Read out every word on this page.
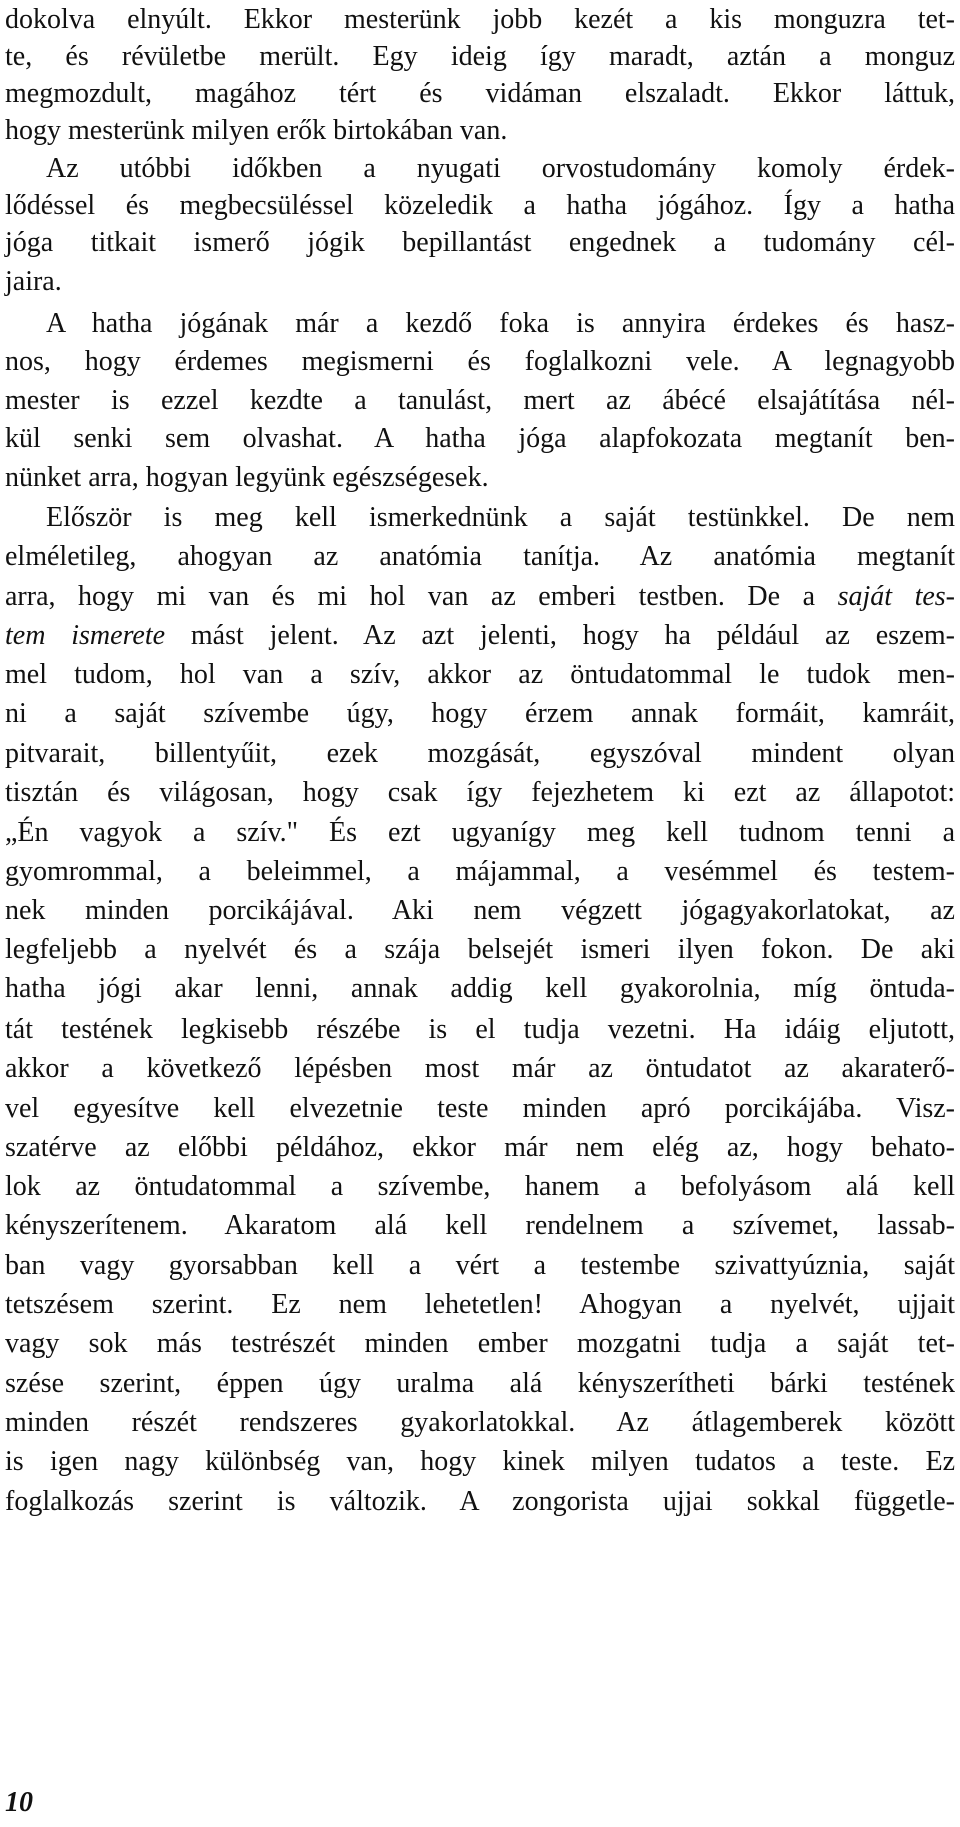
dokolva elnyúlt. Ekkor mesterünk jobb kezét a kis monguzra tet-
te, és révületbe merült. Egy ideig így maradt, aztán a monguz
megmozdult, magához tért és vidáman elszaladt. Ekkor láttuk,
hogy mesterünk milyen erők birtokában van.
Az utóbbi időkben a nyugati orvostudomány komoly érdek-
lődéssel és megbecsüléssel közeledik a hatha jógához. Így a hatha
jóga titkait ismerő jógik bepillantást engednek a tudomány cél-
jaira.
A hatha jógának már a kezdő foka is annyira érdekes és hasz-
nos, hogy érdemes megismerni és foglalkozni vele. A legnagyobb
mester is ezzel kezdte a tanulást, mert az ábécé elsajátítása nél-
kül senki sem olvashat. A hatha jóga alapfokozata megtanít ben-
nünket arra, hogyan legyünk egészségesek.
Először is meg kell ismerkednünk a saját testünkkel. De nem
elméletileg, ahogyan az anatómia tanítja. Az anatómia megtanít
arra, hogy mi van és mi hol van az emberi testben. De a saját tes-
tem ismerete mást jelent. Az azt jelenti, hogy ha például az eszem-
mel tudom, hol van a szív, akkor az öntudatommal le tudok men-
ni a saját szívembe úgy, hogy érzem annak formáit, kamráit,
pitvarait, billentyűit, ezek mozgását, egyszóval mindent olyan
tisztán és világosan, hogy csak így fejezhetem ki ezt az állapotot:
„Én vagyok a szív." És ezt ugyanígy meg kell tudnom tenni a
gyomrommal, a beleimmel, a májammal, a vesémmel és testem-
nek minden porcikájával. Aki nem végzett jógagyakorlatokat, az
legfeljebb a nyelvét és a szája belsejét ismeri ilyen fokon. De aki
hatha jógi akar lenni, annak addig kell gyakorolnia, míg öntuda-
tát testének legkisebb részébe is el tudja vezetni. Ha idáig eljutott,
akkor a következő lépésben most már az öntudatot az akaraterő-
vel egyesítve kell elvezetnie teste minden apró porcikájába. Visz-
szatérve az előbbi példához, ekkor már nem elég az, hogy behato-
lok az öntudatommal a szívembe, hanem a befolyásom alá kell
kényszerítenem. Akaratom alá kell rendelnem a szívemet, lassab-
ban vagy gyorsabban kell a vért a testembe szivattyúznia, saját
tetszésem szerint. Ez nem lehetetlen! Ahogyan a nyelvét, ujjait
vagy sok más testrészét minden ember mozgatni tudja a saját tet-
szése szerint, éppen úgy uralma alá kényszerítheti bárki testének
minden részét rendszeres gyakorlatokkal. Az átlagemberek között
is igen nagy különbség van, hogy kinek milyen tudatos a teste. Ez
foglalkozás szerint is változik. A zongorista ujjai sokkal függetle-
10
